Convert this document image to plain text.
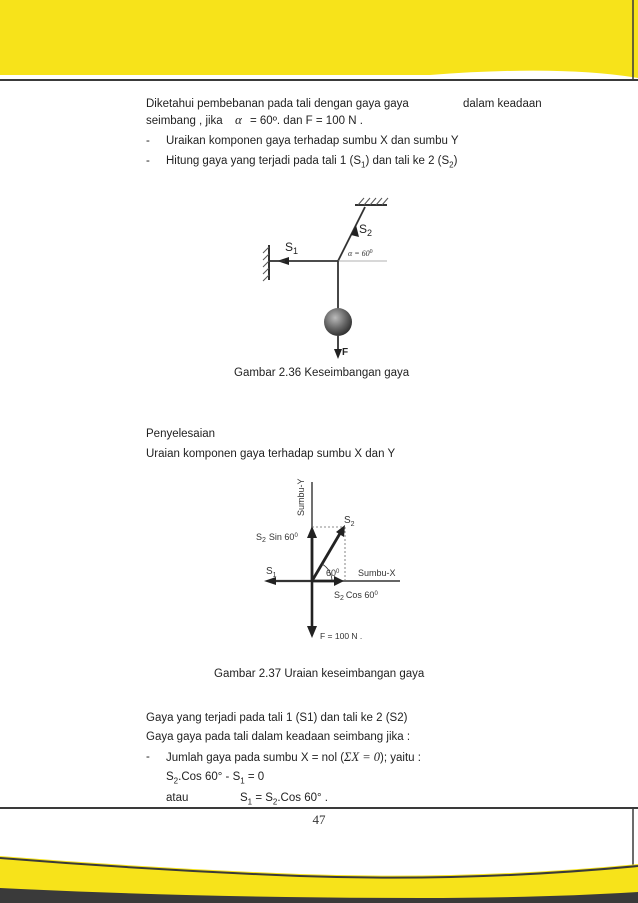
Diketahui pembebanan pada tali dengan gaya gaya	dalam keadaan
seimbang , jika α = 60º. dan F = 100 N .
- Uraikan komponen gaya terhadap sumbu X dan sumbu Y
- Hitung gaya yang terjadi pada tali 1 $(S_1)$ dan tali ke 2 $(S_2)$
$S_2$
$S_1$	$\alpha = 60^0$
F
Gambar 2.36 Keseimbangan gaya
Penyelesaian
Uraian komponen gaya terhadap sumbu X dan Y
Sumbu-Y
$S_2$
$S_2$ Sin $60^0$
$S_1$	$60^0$ Sumbu-X
$S_2$ Cos $60^0$
F = 100 N .
Gambar 2.37 Uraian keseimbangan gaya
Gaya yang terjadi pada tali 1 (S1) dan tali ke 2 (S2)
Gaya gaya pada tali dalam keadaan seimbang jika :
- Jumlah gaya pada sumbu X = nol (ΣX = 0); yaitu :
$S_2.Cos$ $60^\circ - S_1 = 0$
atau	$S_1 = S_2.Cos$ 60° .
47
